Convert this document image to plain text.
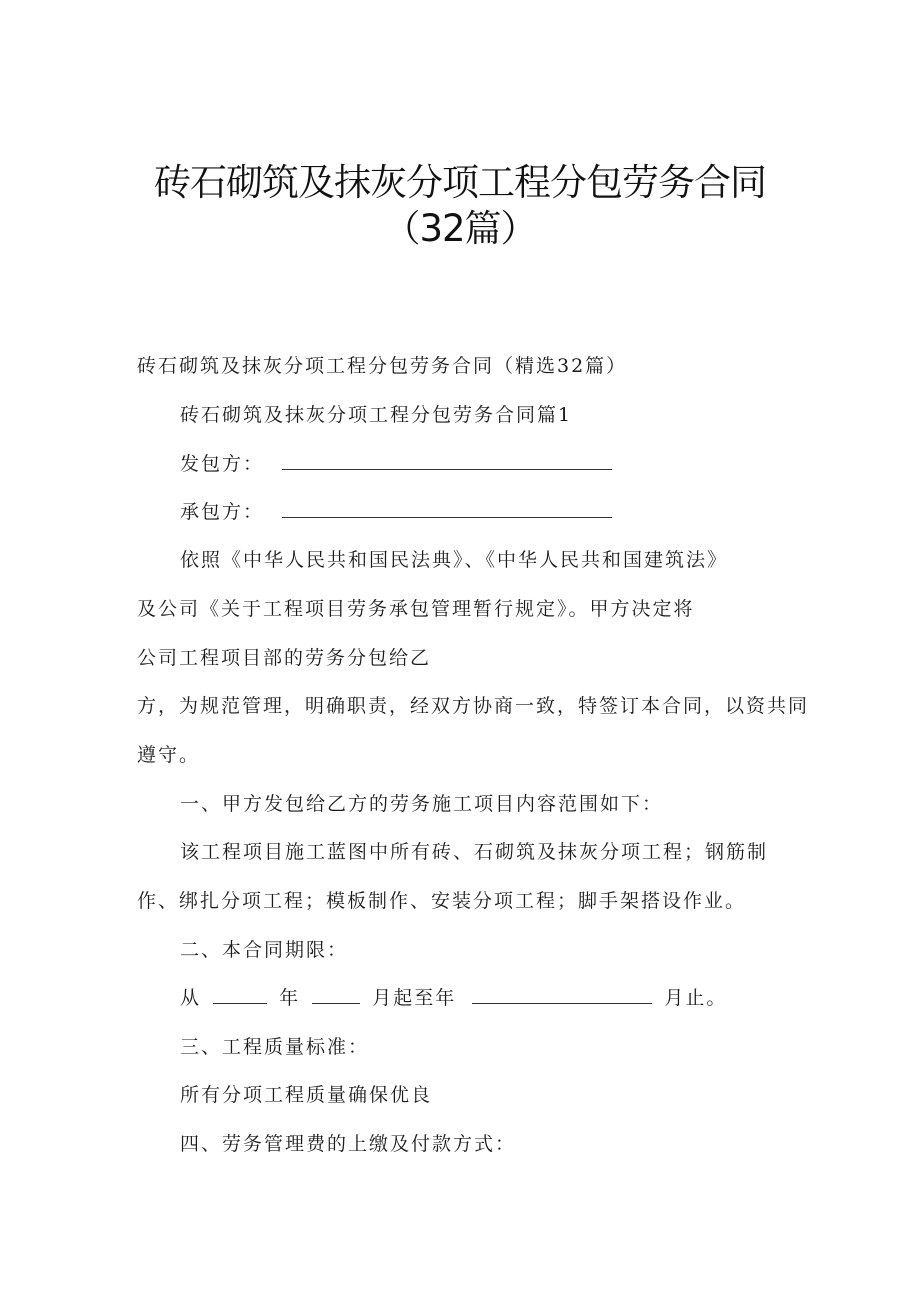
砖石砌筑及抹灰分项工程分包劳务合同
（32篇）

砖石砌筑及抹灰分项工程分包劳务合同（精选32篇）

砖石砌筑及抹灰分项工程分包劳务合同篇1

发包方：

承包方：

依照《中华人民共和国民法典》、《中华人民共和国建筑法》

及公司《关于工程项目劳务承包管理暂行规定》。甲方决定将

公司工程项目部的劳务分包给乙

方，为规范管理，明确职责，经双方协商一致，特签订本合同，以资共同

遵守。

一、甲方发包给乙方的劳务施工项目内容范围如下：

该工程项目施工蓝图中所有砖、石砌筑及抹灰分项工程；钢筋制

作、绑扎分项工程；模板制作、安装分项工程；脚手架搭设作业。

二、本合同期限：

从	年	月起至年	月止。

三、工程质量标准：

所有分项工程质量确保优良

四、劳务管理费的上缴及付款方式：
